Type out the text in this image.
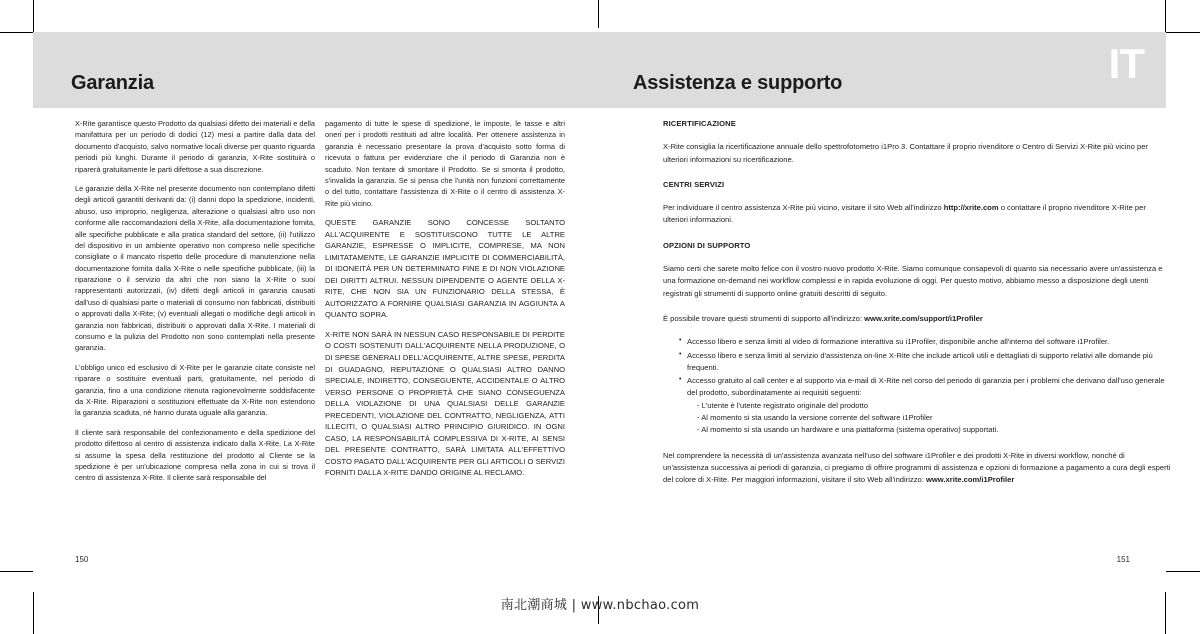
Garanzia	Assistenza e supporto	IT

X-Rite garantisce questo Prodotto da qualsiasi difetto dei materiali e della manifattura per un periodo di dodici (12) mesi a partire dalla data del documento d'acquisto, salvo normative locali diverse per quanto riguarda periodi più lunghi. Durante il periodo di garanzia, X-Rite sostituirà o riparerà gratuitamente le parti difettose a sua discrezione.

Le garanzie della X-Rite nel presente documento non contemplano difetti degli articoli garantiti derivanti da: (i) danni dopo la spedizione, incidenti, abuso, uso improprio, negligenza, alterazione o qualsiasi altro uso non conforme alle raccomandazioni della X-Rite, alla documentazione fornita, alle specifiche pubblicate e alla pratica standard del settore, (ii) l'utilizzo del dispositivo in un ambiente operativo non compreso nelle specifiche consigliate o il mancato rispetto delle procedure di manutenzione nella documentazione fornita dalla X-Rite o nelle specifiche pubblicate, (iii) la riparazione o il servizio da altri che non siano la X-Rite o suoi rappresentanti autorizzati, (iv) difetti degli articoli in garanzia causati dall'uso di qualsiasi parte o materiali di consumo non fabbricati, distribuiti o approvati dalla X-Rite; (v) eventuali allegati o modifiche degli articoli in garanzia non fabbricati, distribuiti o approvati dalla X-Rite. I materiali di consumo e la pulizia del Prodotto non sono contemplati nella presente garanzia.

L'obbligo unico ed esclusivo di X-Rite per le garanzie citate consiste nel riparare o sostituire eventuali parti, gratuitamente, nel periodo di garanzia, fino a una condizione ritenuta ragionevolmente soddisfacente da X-Rite. Riparazioni o sostituzioni effettuate da X-Rite non estendono la garanzia scaduta, né hanno durata uguale alla garanzia.

Il cliente sarà responsabile del confezionamento e della spedizione del prodotto difettoso al centro di assistenza indicato dalla X-Rite. La X-Rite si assume la spesa della restituzione del prodotto al Cliente se la spedizione è per un'ubicazione compresa nella zona in cui si trova il centro di assistenza X-Rite. Il cliente sarà responsabile del

pagamento di tutte le spese di spedizione, le imposte, le tasse e altri oneri per i prodotti restituiti ad altre località. Per ottenere assistenza in garanzia è necessario presentare la prova d'acquisto sotto forma di ricevuta o fattura per evidenziare che il periodo di Garanzia non è scaduto. Non tentare di smontare il Prodotto. Se si smonta il prodotto, s'invalida la garanzia. Se si pensa che l'unità non funzioni correttamente o del tutto, contattare l'assistenza di X-Rite o il centro di assistenza X-Rite più vicino.

QUESTE GARANZIE SONO CONCESSE SOLTANTO ALL'ACQUIRENTE E SOSTITUISCONO TUTTE LE ALTRE GARANZIE, ESPRESSE O IMPLICITE, COMPRESE, MA NON LIMITATAMENTE, LE GARANZIE IMPLICITE DI COMMERCIABILITÀ, DI IDONEITÀ PER UN DETERMINATO FINE E DI NON VIOLAZIONE DEI DIRITTI ALTRUI. NESSUN DIPENDENTE O AGENTE DELLA X-RITE, CHE NON SIA UN FUNZIONARIO DELLA STESSA, È AUTORIZZATO A FORNIRE QUALSIASI GARANZIA IN AGGIUNTA A QUANTO SOPRA.

X-RITE NON SARÀ IN NESSUN CASO RESPONSABILE DI PERDITE O COSTI SOSTENUTI DALL'ACQUIRENTE NELLA PRODUZIONE, O DI SPESE GENERALI DELL'ACQUIRENTE, ALTRE SPESE, PERDITA DI GUADAGNO, REPUTAZIONE O QUALSIASI ALTRO DANNO SPECIALE, INDIRETTO, CONSEGUENTE, ACCIDENTALE O ALTRO VERSO PERSONE O PROPRIETÀ CHE SIANO CONSEGUENZA DELLA VIOLAZIONE DI UNA QUALSIASI DELLE GARANZIE PRECEDENTI, VIOLAZIONE DEL CONTRATTO, NEGLIGENZA, ATTI ILLECITI, O QUALSIASI ALTRO PRINCIPIO GIURIDICO. IN OGNI CASO, LA RESPONSABILITÀ COMPLESSIVA DI X-RITE, AI SENSI DEL PRESENTE CONTRATTO, SARÀ LIMITATA ALL'EFFETTIVO COSTO PAGATO DALL'ACQUIRENTE PER GLI ARTICOLI O SERVIZI FORNITI DALLA X-RITE DANDO ORIGINE AL RECLAMO.

150
RICERTIFICAZIONE

X-Rite consiglia la ricertificazione annuale dello spettrofotometro i1Pro 3. Contattare il proprio rivenditore o Centro di Servizi X-Rite più vicino per ulteriori informazioni su ricertificazione.

CENTRI SERVIZI

Per individuare il centro assistenza X-Rite più vicino, visitare il sito Web all'indirizzo http://xrite.com o contattare il proprio rivenditore X-Rite per ulteriori informazioni.

OPZIONI DI SUPPORTO

Siamo certi che sarete molto felice con il vostro nuovo prodotto X-Rite. Siamo comunque consapevoli di quanto sia necessario avere un'assistenza e una formazione on-demand nei workflow complessi e in rapida evoluzione di oggi. Per questo motivo, abbiamo messo a disposizione degli utenti registrati gli strumenti di supporto online gratuiti descritti di seguito.

È possibile trovare questi strumenti di supporto all'indirizzo: www.xrite.com/support/i1Profiler

• Accesso libero e senza limiti al video di formazione interattiva su i1Profiler, disponibile anche all'interno del software i1Profiler.
• Accesso libero e senza limiti al servizio d'assistenza on-line X-Rite che include articoli utili e dettagliati di supporto relativi alle domande più frequenti.
• Accesso gratuito al call center e al supporto via e-mail di X-Rite nel corso del periodo di garanzia per i problemi che derivano dall'uso generale del prodotto, subordinatamente ai requisiti seguenti:
- L'utente è l'utente registrato originale del prodotto
- Al momento si sta usando la versione corrente del software i1Profiler
- Al momento si sta usando un hardware e una piattaforma (sistema operativo) supportati.

Nel comprendere la necessità di un'assistenza avanzata nell'uso del software i1Profiler e dei prodotti X-Rite in diversi workflow, nonché di un'assistenza successiva ai periodi di garanzia, ci pregiamo di offrire programmi di assistenza e opzioni di formazione a pagamento a cura degli esperti del colore di X-Rite. Per maggiori informazioni, visitare il sito Web all'indirizzo: www.xrite.com/i1Profiler

151
南北潮商城 | www.nbchao.com
